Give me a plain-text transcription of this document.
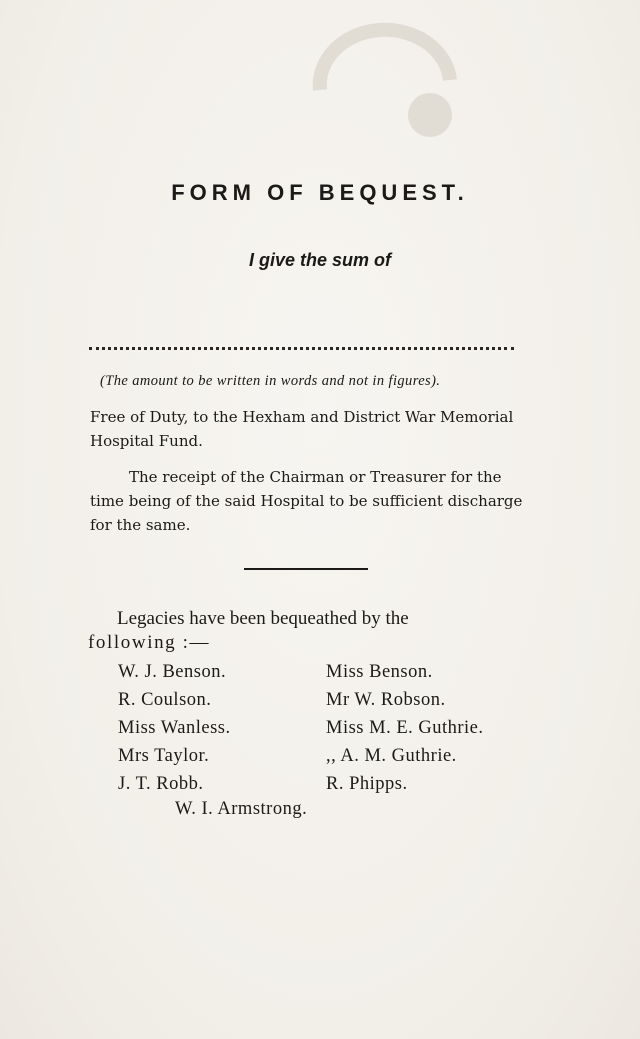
FORM OF BEQUEST.

I give the sum of

(The amount to be written in words and not in figures).

Free of Duty, to the Hexham and District War Memorial Hospital Fund.

The receipt of the Chairman or Treasurer for the time being of the said Hospital to be sufficient discharge for the same.

Legacies have been bequeathed by the
following :—
W. J. Benson.
R. Coulson.
Miss Wanless.
Mrs Taylor.
J. T. Robb.
Miss Benson.
Mr W. Robson.
Miss M. E. Guthrie.
,, A. M. Guthrie.
R. Phipps.
W. I. Armstrong.
